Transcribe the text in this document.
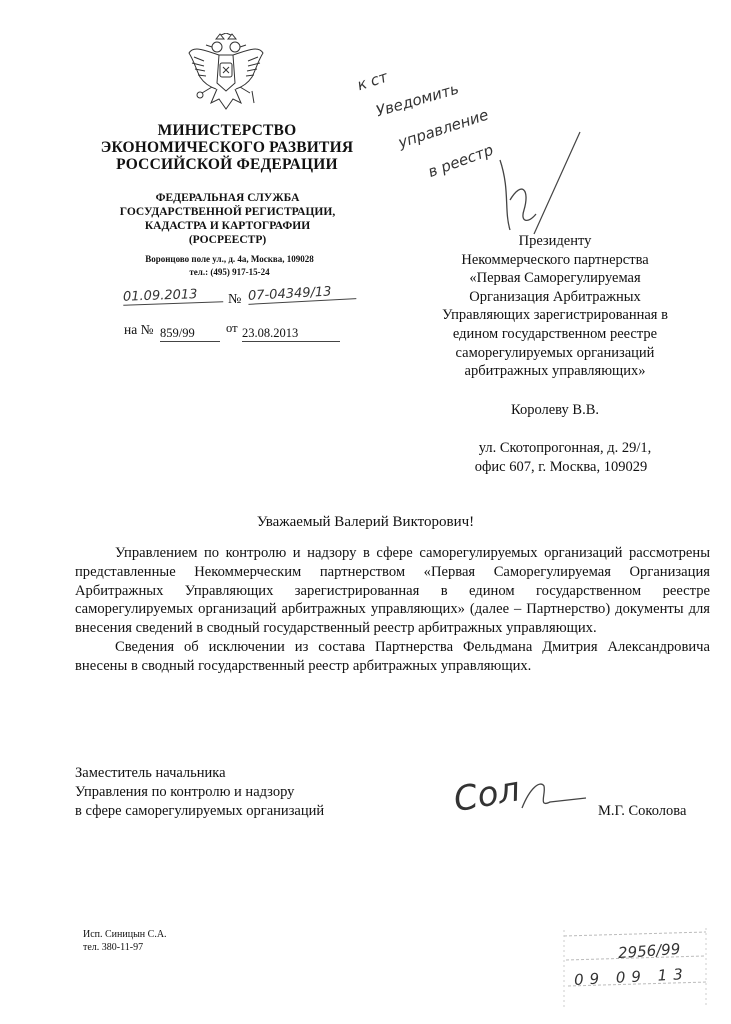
МИНИСТЕРСТВО
ЭКОНОМИЧЕСКОГО РАЗВИТИЯ
РОССИЙСКОЙ ФЕДЕРАЦИИ
ФЕДЕРАЛЬНАЯ СЛУЖБА
ГОСУДАРСТВЕННОЙ РЕГИСТРАЦИИ,
КАДАСТРА И КАРТОГРАФИИ
(РОСРЕЕСТР)
Воронцово поле ул., д. 4а, Москва, 109028
тел.: (495) 917-15-24
01.09.2013	№ 07-04349/13
на № 859/99	от 23.08.2013
к ст
Уведомить
управление
в реестр
Президенту
Некоммерческого партнерства
«Первая Саморегулируемая
Организация Арбитражных
Управляющих зарегистрированная в
едином государственном реестре
саморегулируемых организаций
арбитражных управляющих»
Королеву В.В.
ул. Скотопрогонная, д. 29/1,
офис 607, г. Москва, 109029
Уважаемый Валерий Викторович!

Управлением по контролю и надзору в сфере саморегулируемых организаций рассмотрены представленные Некоммерческим партнерством «Первая Саморегулируемая Организация Арбитражных Управляющих зарегистрированная в едином государственном реестре саморегулируемых организаций арбитражных управляющих» (далее – Партнерство) документы для внесения сведений в сводный государственный реестр арбитражных управляющих.

Сведения об исключении из состава Партнерства Фельдмана Дмитрия Александровича внесены в сводный государственный реестр арбитражных управляющих.

Заместитель начальника
Управления по контролю и надзору
в сфере саморегулируемых организаций	Сол	М.Г. Соколова
Исп. Синицын С.А.
тел. 380-11-97	2956/99
09 09 13
